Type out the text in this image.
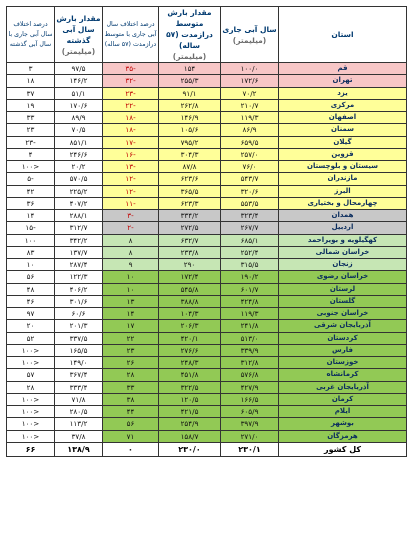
استان	سال آبی جاری
(میلیمتر)	مقدار بارش متوسط درازمدت (۵۷ ساله)
(میلیمتر)	درصد اختلاف سال آبی جاری با متوسط درازمدت (۵۷ ساله)	مقدار بارش سال آبی گذشته
(میلیمتر)	درصد اختلاف سال آبی جاری با سال آبی گذشته
قم	۱۰۰/۰	۱۵۴	-۳۵	۹۷/۵	۳
تهران	۱۷۲/۶	۲۵۵/۳	-۳۲	۱۴۶/۲	۱۸
یزد	۷۰/۲	۹۱/۱	-۲۳	۵۱/۱	۳۷
مرکزی	۲۱۰/۷	۲۶۲/۸	-۲۲	۱۷۰/۶	۱۹
اصفهان	۱۱۹/۳	۱۴۶/۹	-۱۸	۸۹/۹	۳۳
سمنان	۸۶/۹	۱۰۵/۶	-۱۸	۷۰/۵	۲۳
گیلان	۶۵۹/۵	۷۹۵/۲	-۱۷	۸۵۱/۱	-۲۳
قزوین	۲۵۷/۰	۳۰۴/۳	-۱۶	۲۴۶/۶	۴
سیستان و بلوچستان	۷۶/۰	۸۷/۸	-۱۳	۲۰/۲	<۱۰۰
مازندران	۵۴۳/۷	۶۲۳/۶	-۱۲	۵۷۰/۵	-۵
البرز	۳۲۰/۶	۳۶۵/۵	-۱۲	۲۲۵/۲	۴۲
چهارمحال و بختیاری	۵۵۳/۵	۶۲۳/۳	-۱۱	۴۰۷/۲	۳۶
همدان	۳۲۳/۴	۳۳۴/۲	-۳	۲۸۸/۱	۱۴
اردبیل	۲۶۷/۷	۲۷۲/۵	-۲	۳۱۲/۷	-۱۵
کهگیلویه و بویراحمد	۶۸۵/۱	۶۳۲/۷	۸	۳۴۲/۲	۱۰۰
خراسان شمالی	۲۵۲/۴	۲۳۳/۸	۸	۱۳۷/۷	۸۳
زنجان	۳۱۵/۵	۲۹۰	۹	۲۸۷/۴	۱۰
خراسان رضوی	۱۹۰/۲	۱۷۲/۴	۱۰	۱۲۲/۳	۵۶
لرستان	۶۰۱/۷	۵۴۵/۸	۱۰	۴۰۶/۲	۴۸
گلستان	۴۲۴/۸	۳۸۸/۸	۱۳	۳۰۱/۶	۴۶
خراسان جنوبی	۱۱۹/۳	۱۰۴/۳	۱۴	۶۰/۶	۹۷
آذربایجان شرقی	۲۴۱/۸	۲۰۶/۳	۱۷	۲۰۱/۳	۲۰
کردستان	۵۱۳/۰	۴۲۰/۱	۲۲	۳۳۷/۵	۵۲
فارس	۳۳۹/۹	۲۷۶/۶	۲۳	۱۶۵/۵	<۱۰۰
خوزستان	۳۱۲/۸	۲۴۸/۳	۲۶	۱۴۹/۰	<۱۰۰
کرمانشاه	۵۷۶/۸	۴۵۱/۸	۲۸	۳۶۷/۴	۵۷
آذربایجان غربی	۴۲۷/۹	۳۲۲/۵	۳۳	۳۳۳/۴	۲۸
کرمان	۱۶۶/۵	۱۲۰/۵	۳۸	۷۱/۸	<۱۰۰
ایلام	۶۰۵/۹	۴۲۱/۵	۴۴	۲۸۰/۵	<۱۰۰
بوشهر	۳۹۷/۹	۲۵۴/۹	۵۶	۱۱۳/۲	<۱۰۰
هرمزگان	۲۷۱/۰	۱۵۸/۷	۷۱	۳۷/۸	<۱۰۰
کل کشور	۲۳۰/۱	۲۳۰/۰	۰	۱۳۸/۹	۶۶
